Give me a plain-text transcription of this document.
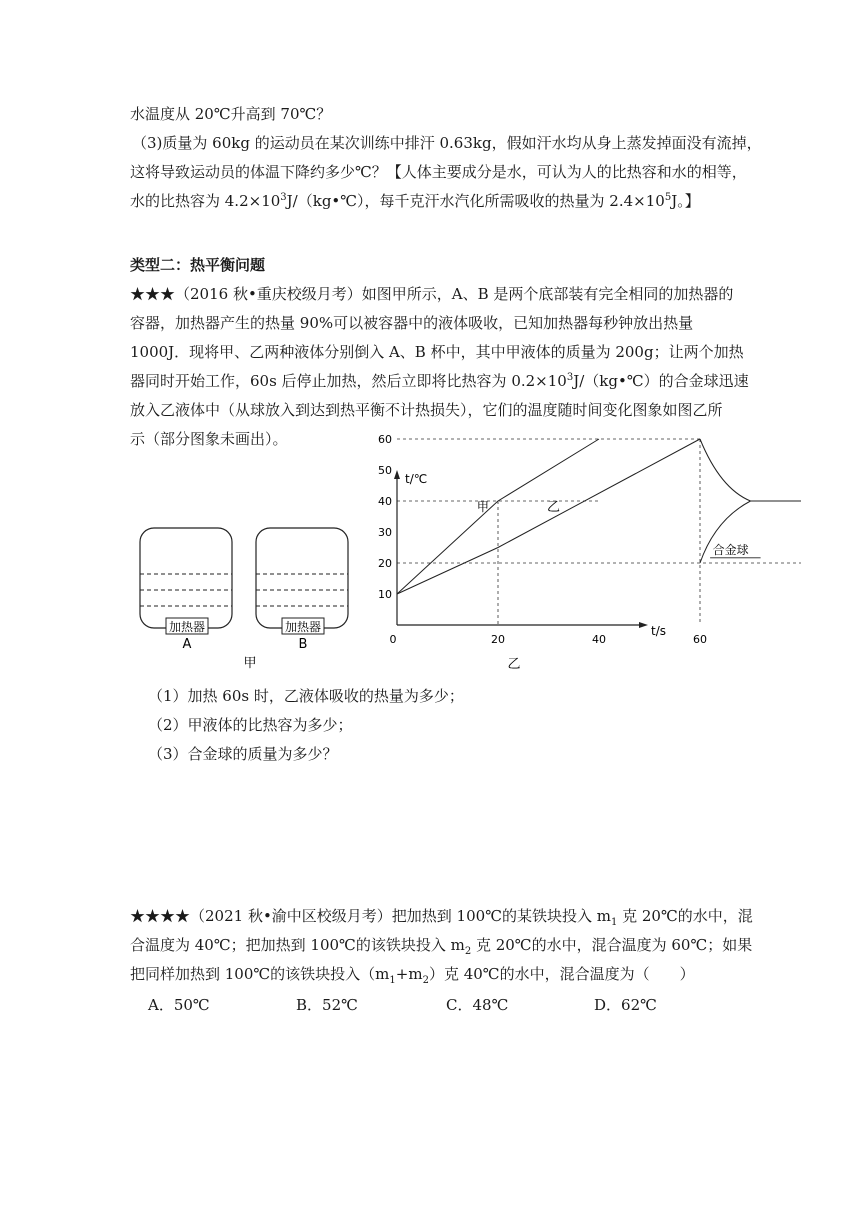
水温度从 20℃升高到 70℃？
（3)质量为 60kg 的运动员在某次训练中排汗 0.63kg，假如汗水均从身上蒸发掉面没有流掉，
这将导致运动员的体温下降约多少℃？【人体主要成分是水，可认为人的比热容和水的相等，
水的比热容为 $4.2\times 10^3J/(kg•℃)$，每千克汗水汽化所需吸收的热量为 $2.4\times 10^5J$。】
类型二：热平衡问题
★★★（2016 秋•重庆校级月考）如图甲所示，A、B 是两个底部装有完全相同的加热器的
容器，加热器产生的热量 90%可以被容器中的液体吸收，已知加热器每秒钟放出热量
1000J．现将甲、乙两种液体分别倒入 A、B 杯中，其中甲液体的质量为 200g；让两个加热
器同时开始工作，60s 后停止加热，然后立即将比热容为 $0.2\times 10^3J/(kg•℃)$的合金球迅速
放入乙液体中（从球放入到达到热平衡不计热损失），它们的温度随时间变化图象如图乙所
示（部分图象未画出）。
加热器
A
加热器
B
甲
t/℃
t/s
10
20
30
40
50
60
0	20	40	60
甲	乙
合金球
乙
（1）加热 60s 时，乙液体吸收的热量为多少；
（2）甲液体的比热容为多少；
（3）合金球的质量为多少？
★★★★（2021 秋•渝中区校级月考）把加热到 100℃的某铁块投入 $m_1$ 克 20℃的水中，混
合温度为 40℃；把加热到 100℃的该铁块投入 $m_2$ 克 20℃的水中，混合温度为 60℃；如果
把同样加热到 100℃的该铁块投入$(m_1+m_2)$克 40℃的水中，混合温度为（　　）
A．50℃	B．52℃	C．48℃	D．62℃
